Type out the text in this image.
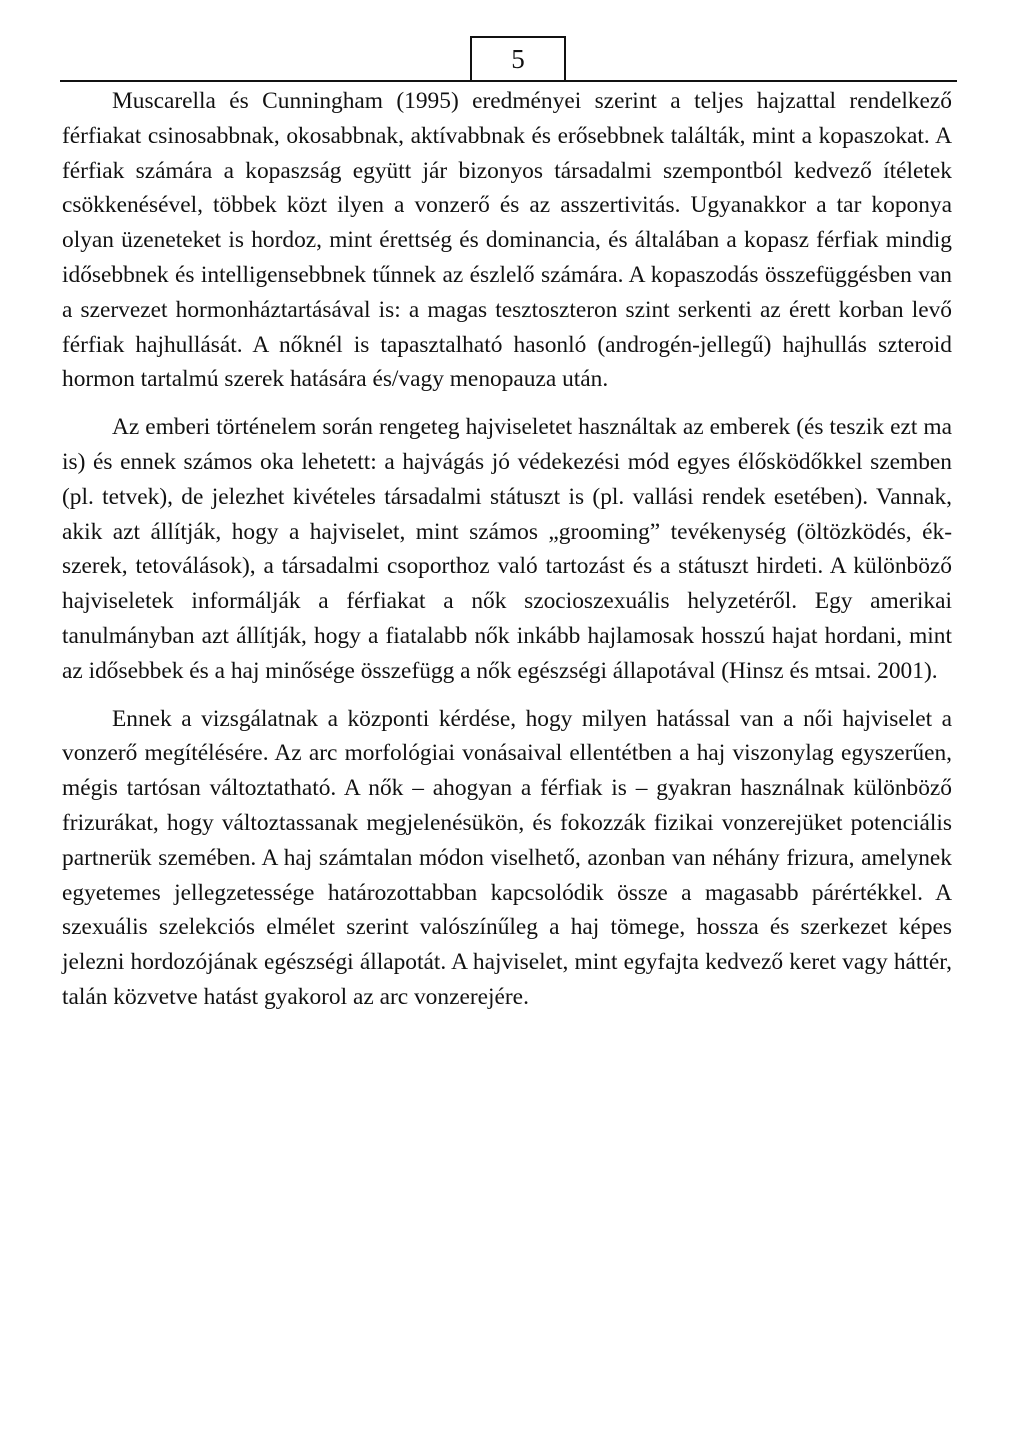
5

Muscarella és Cunningham (1995) eredményei szerint a teljes hajzattal rendelkező férfiakat csinosabbnak, okosabbnak, aktívabbnak és erősebbnek találták, mint a kopaszokat. A férfiak számára a kopaszság együtt jár bizonyos társadalmi szempontból kedvező ítéletek csökkenésével, többek közt ilyen a vonzerő és az asszertivitás. Ugyanakkor a tar koponya olyan üzeneteket is hordoz, mint érettség és dominancia, és általában a kopasz férfiak mindig idősebbnek és intelligensebbnek tűnnek az észlelő számára. A kopaszodás összefüggésben van a szervezet hormonháztartásával is: a magas tesztoszteron szint serkenti az érett korban levő férfiak hajhullását. A nőknél is tapasztalható hasonló (androgén-jellegű) hajhullás szteroid hormon tartalmú szerek hatására és/vagy menopauza után.

Az emberi történelem során rengeteg hajviseletet használtak az emberek (és teszik ezt ma is) és ennek számos oka lehetett: a hajvágás jó védekezési mód egyes élősködőkkel szemben (pl. tetvek), de jelezhet kivételes társadalmi státuszt is (pl. vallási rendek esetében). Vannak, akik azt állítják, hogy a hajviselet, mint számos „grooming” tevékenység (öltözködés, ékszerek, tetoválások), a társadalmi csoporthoz való tartozást és a státuszt hirdeti. A különböző hajviseletek informálják a férfiakat a nők szocioszexuális helyzetéről. Egy amerikai tanulmányban azt állítják, hogy a fiatalabb nők inkább hajlamosak hosszú hajat hordani, mint az idősebbek és a haj minősége összefügg a nők egészségi állapotával (Hinsz és mtsai. 2001).

Ennek a vizsgálatnak a központi kérdése, hogy milyen hatással van a női hajviselet a vonzerő megítélésére. Az arc morfológiai vonásaival ellentétben a haj viszonylag egyszerűen, mégis tartósan változtatható. A nők – ahogyan a férfiak is – gyakran használnak különböző frizurákat, hogy változtassanak megjelenésükön, és fokozzák fizikai vonzerejüket potenciális partnerük szemében. A haj számtalan módon viselhető, azonban van néhány frizura, amelynek egyetemes jellegzetessége határozottabban kapcsolódik össze a magasabb párértékkel. A szexuális szelekciós elmélet szerint valószínűleg a haj tömege, hossza és szerkezet képes jelezni hordozójának egészségi állapotát. A hajviselet, mint egyfajta kedvező keret vagy háttér, talán közvetve hatást gyakorol az arc vonzerejére.
